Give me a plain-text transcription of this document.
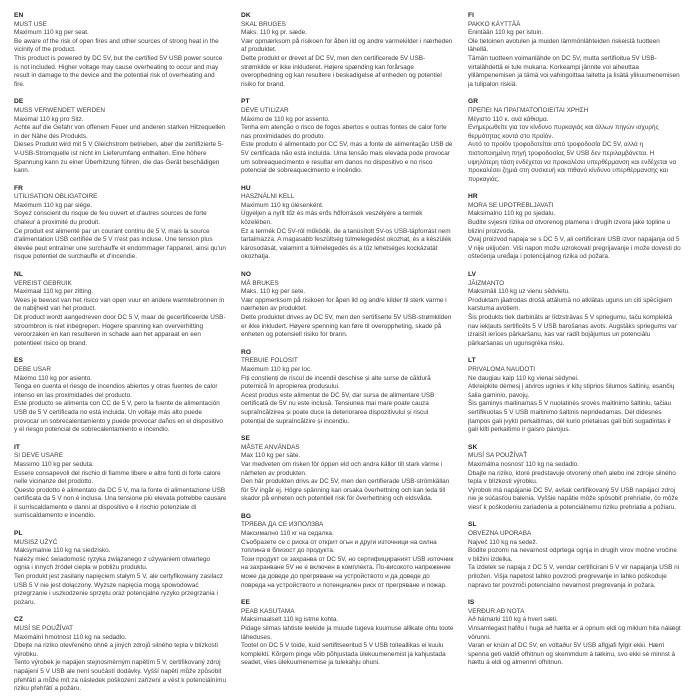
EN
MUST USE

Maximum 110 kg per seat.

Be aware of the risk of open fires and other sources of strong heat in the vicinity of the product.

This product is powered by DC 5V, but the certified 5V USB power source is not included. Higher voltage may cause overheating to occur and may result in damage to the device and the potential risk of overheating and fire.

DE
MUSS VERWENDET WERDEN

Maximal 110 kg pro Sitz.

Achte auf die Gefahr von offenem Feuer und anderen starken Hitzequellen in der Nähe des Produkts.

Dieses Produkt wird mit 5 V Gleichstrom betrieben, aber die zertifizierte 5-V-USB-Stromquelle ist nicht im Lieferumfang enthalten. Eine höhere Spannung kann zu einer Überhitzung führen, die das Gerät beschädigen kann.

FR
UTILISATION OBLIGATOIRE

Maximum 110 kg par siège.

Soyez conscient du risque de feu ouvert et d'autres sources de forte chaleur à proximité du produit.

Ce produit est alimenté par un courant continu de 5 V, mais la source d'alimentation USB certifiée de 5 V n'est pas incluse. Une tension plus élevée peut entraîner une surchauffe et endommager l'appareil, ainsi qu'un risque potentiel de surchauffe et d'incendie.

NL
VEREIST GEBRUIK

Maximaal 110 kg per zitting.

Wees je bewust van het risico van open vuur en andere warmtebronnen in de nabijheid van het product.

Dit product wordt aangedreven door DC 5 V, maar de gecertificeerde USB-stroombron is niet inbegrepen. Hogere spanning kan oververhitting veroorzaken en kan resulteren in schade aan het apparaat en een potentieel risico op brand.

ES
DEBE USAR

Máximo 110 kg por asiento.

Tenga en cuenta el riesgo de incendios abiertos y otras fuentes de calor intenso en las proximidades del producto.

Este producto se alimenta con CC de 5 V, pero la fuente de alimentación USB de 5 V certificada no está incluida. Un voltaje más alto puede provocar un sobrecalentamiento y puede provocar daños en el dispositivo y el riesgo potencial de sobrecalentamiento e incendio.

IT
SI DEVE USARE

Massimo 110 kg per seduta.

Essere consapevoli del rischio di fiamme libere e altre fonti di forte calore nelle vicinanze del prodotto.

Questo prodotto è alimentato da DC 5 V, ma la fonte di alimentazione USB certificata da 5 V non è inclusa. Una tensione più elevata potrebbe causare il surriscaldamento e danni al dispositivo e il rischio potenziale di surriscaldamento e incendio.

PL
MUSISZ UŻYĆ

Maksymalnie 110 kg na siedzisko.

Należy mieć świadomość ryzyka związanego z używaniem otwartego ognia i innych źródeł ciepła w pobliżu produktu.

Ten produkt jest zasilany napięciem stałym 5 V, ale certyfikowany zasilacz USB 5 V nie jest dołączony. Wyższe napięcia mogą spowodować przegrzanie i uszkodzenie sprzętu oraz potencjalne ryzyko przegrzania i pożaru.

CZ
MUSÍ SE POUŽÍVAT

Maximální hmotnost 110 kg na sedadlo.

Dbejte na riziko otevřeného ohně a jiných zdrojů silného tepla v blízkosti výrobku.

Tento výrobek je napájen stejnosměrným napětím 5 V, certifikovaný zdroj napájení 5 V USB ale není součástí dodávky. Vyšší napětí může způsobit přehřátí a může mít za následek poškození zařízení a vést k potenciálnímu riziku přehřátí a požáru.

DK
SKAL BRUGES

Maks. 110 kg pr. sæde.

Vær opmærksom på risikoen for åben ild og andre varmekilder i nærheden af produktet.

Dette produkt er drevet af DC 5V, men den certificerede 5V USB-strømkilde er ikke inkluderet. Højere spænding kan forårsage overophedning og kan resultere i beskadigelse af enheden og potentiel risiko for brand.

PT
DEVE UTILIZAR

Máximo de 110 kg por assento.

Tenha em atenção o risco de fogos abertos e outras fontes de calor forte nas proximidades do produto.

Este produto é alimentado por CC 5V, mas a fonte de alimentação USB de 5V certificada não está incluída. Uma tensão mais elevada pode provocar um sobreaquecimento e resultar em danos no dispositivo e no risco potencial de sobreaquecimento e incêndio.

HU
HASZNÁLNI KELL

Maximum 110 kg ülésenként.

Ügyeljen a nyílt tűz és más erős hőforrások veszélyére a termék közelében.

Ez a termék DC 5V-ról működik, de a tanúsított 5V-os USB-tápforrást nem tartalmazza. A magasabb feszültség túlmelegedést okozhat, és a készülék károsodását, valamint a túlmelegedés és a tűz lehetséges kockázatát okozhatja.

NO
MÅ BRUKES

Maks. 110 kg per sete.

Vær oppmerksom på risikoen for åpen ild og andre kilder til sterk varme i nærheten av produktet.

Dette produktet drives av DC 5V, men den sertifiserte 5V USB-strømkilden er ikke inkludert. Høyere spenning kan føre til overoppheting, skade på enheten og potensiell risiko for brann.

RO
TREBUIE FOLOSIT

Maximum 110 kg per loc.

Fiți conștienți de riscul de incendii deschise și alte surse de căldură puternică în apropierea produsului.

Acest produs este alimentat de DC 5V, dar sursa de alimentare USB certificată de 5V nu este inclusă. Tensiunea mai mare poate cauza supraîncălzirea și poate duce la deteriorarea dispozitivului și riscul potențial de supraîncălzire și incendiu.

SE
MÅSTE ANVÄNDAS

Max 110 kg per säte.

Var medveten om risken för öppen eld och andra källor till stark värme i närheten av produkten.

Den här produkten drivs av DC 5V, men den certifierade USB-strömkällan för 5V ingår ej. Högre spänning kan orsaka överhettning och kan leda till skador på enheten och potentiell risk för överhettning och eldsvåda.

BG
ТРЯБВА ДА СЕ ИЗПОЛЗВА

Максимално 110 кг на седалка.

Съобразете се с риска от открит огън и други източници на силна топлина в близост до продукта.

Този продукт се захранва от DC 5V, но сертифицираният USB източник на захранване 5V не е включен в комплекта. По-високото напрежение може да доведе до прегряване на устройството и да доведе до повреда на устройството и потенциален риск от прегряване и пожар.

EE
PEAB KASUTAMA

Maksimaalselt 110 kg istme kohta.

Pidage silmas lahtiste leekide ja muude tugeva kuumuse allikate ohtu toote läheduses.

Tootel on DC 5 V toide, kuid sertifitseeritud 5 V USB toiteallikas ei kuulu komplekti. Kõrgem pinge võib põhjustada ülekuumenemist ja kahjustada seadet, viies ülekuumenemise ja tulekahju ohuni.

FI
PAKKO KÄYTTÄÄ

Enintään 110 kg per istuin.

Ole tietoinen avotulen ja muiden lämmönlähteiden riskeistä tuotteen lähellä.

Tämän tuotteen voimanlähde on DC 5V, mutta sertifioitua 5V USB-virtalähdettä ei tule mukana. Korkeampi jännite voi aiheuttaa ylilämpenemisen ja tämä voi vahingoittaa laitetta ja lisätä ylikuumenemisen ja tulipalon riskiä.

GR
ΠΡΕΠΕΙ ΝΑ ΠΡΑΓΜΑΤΟΠΟΙΕΙΤΑΙ ΧΡΗΣΗ

Μέγιστο 110 κ. ανά κάθισμα.

Ενημερωθείτε για τον κίνδυνο πυρκαγιάς και άλλων πηγών ισχυρής θερμότητας κοντά στο προϊόν.

Αυτό το προϊόν τροφοδοτείται από τροφοδοσία DC 5V, αλλά η πιστοποιημένη πηγή τροφοδοσίας 5V USB δεν περιλαμβάνεται. Η υψηλότερη τάση ενδέχεται να προκαλέσει υπερθέρμανση και ενδέχεται να προκαλέσει ζημιά στη συσκευή και πιθανό κίνδυνο υπερθέρμανσης και πυρκαγιάς.

HR
MORA SE UPOTREBLJAVATI

Maksimalno 110 kg po sjedalu.

Budite svjesni rizika od otvorenog plamena i drugih izvora jake topline u blizini proizvoda.

Ovaj proizvod napaja se s DC 5 V, ali certificirani USB izvor napajanja od 5 V nije uključen. Viši napon može uzrokovati pregrijavanje i može dovesti do oštećenja uređaja i potencijalnog rizika od požara.

LV
JĀIZMANTO

Maksimāli 110 kg uz vienu sēdvietu.

Produktam jāatrodas drošā attālumā no atklātas uguns un citi spēcīgiem karstuma avotiem.

Šis produkts tiek darbināts ar līdzstrāvas 5 V spriegumu, taču komplektā nav iekļauts sertificēts 5 V USB barošanas avots. Augstāks spriegums var izraisīt ierīces pārkaršanu, kas var radīt bojājumus un potenciālu pārkaršanas un ugunsgrēka risku.

LT
PRIVALOMA NAUDOTI

Ne daugiau kaip 110 kg vienai sėdynei.

Atkreipkite dėmesį į atviros ugnies ir kitų stiprios šilumos šaltinių, esančių šalia gaminio, pavojų.

Šis gaminys maitinamas 5 V nuolatinės srovės maitinimo šaltiniu, tačiau sertifikuotas 5 V USB maitinimo šaltinis nepridedamas. Dėl didesnės įtampos gali įvykti perkaitimas, dėl kurio prietaisas gali būti sugadintas ir gali kilti perkaitimo ir gaisro pavojus.

SK
MUSÍ SA POUŽÍVAŤ

Maximálna nosnosť 110 kg na sedadlo.

Dbajte na riziko, ktoré predstavuje otvorený oheň alebo iné zdroje silného tepla v blízkosti výrobku.

Výrobok má napájanie DC 5V, avšak certifikovaný 5V USB napájací zdroj nie je súčasťou balenia. Vyššie napätie môže spôsobiť prehriatie, čo môže viesť k poškodeniu zariadenia a potenciálnemu riziku prehriatia a požiaru.

SL
OBVEZNA UPORABA

Največ 110 kg na sedež.

Bodite pozorni na nevarnost odprtega ognja in drugih virov močne vročine v bližini izdelka.

Ta izdelek se napaja z DC 5 V, vendar certificirani 5 V vir napajanja USB ni priložen. Višja napetost lahko povzroči pregrevanje in lahko poškoduje napravo ter povzroči potencialno nevarnost pregrevanja in požara.

IS
VERÐUR AÐ NOTA

Að hámarki 110 kg á hvert sæti.

Vinsamlegast hafðu í huga að hætta er á opnum eldi og miklum hita nálægt vörunni.

Varan er knúin af DC 5V, en vottaður 5V USB aflgjafi fylgir ekki. Hærri spenna geti valdið ofhitnun og skemmdum á tækinu, svo ekki sé minnst á hættu á eldi og almennri ofhitnun.
